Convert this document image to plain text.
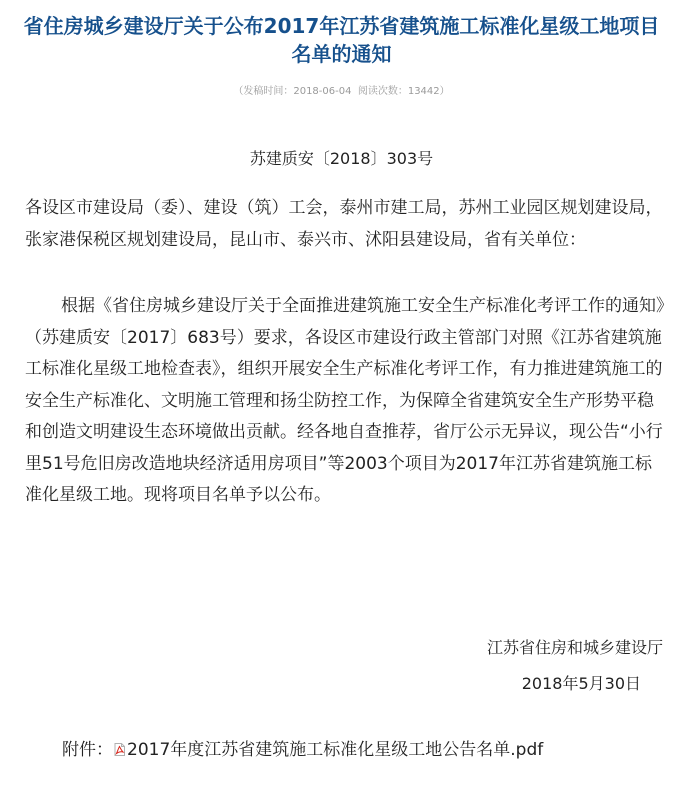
省住房城乡建设厅关于公布2017年江苏省建筑施工标准化星级工地项目名单的通知
（发稿时间：2018-06-04 阅读次数：13442）
苏建质安〔2018〕303号

各设区市建设局（委）、建设（筑）工会，泰州市建工局，苏州工业园区规划建设局，张家港保税区规划建设局，昆山市、泰兴市、沭阳县建设局，省有关单位：

根据《省住房城乡建设厅关于全面推进建筑施工安全生产标准化考评工作的通知》（苏建质安〔2017〕683号）要求，各设区市建设行政主管部门对照《江苏省建筑施工标准化星级工地检查表》，组织开展安全生产标准化考评工作，有力推进建筑施工的安全生产标准化、文明施工管理和扬尘防控工作，为保障全省建筑安全生产形势平稳和创造文明建设生态环境做出贡献。经各地自查推荐，省厅公示无异议，现公告“小行里51号危旧房改造地块经济适用房项目”等2003个项目为2017年江苏省建筑施工标准化星级工地。现将项目名单予以公布。

江苏省住房和城乡建设厅
2018年5月30日
附件： 2017年度江苏省建筑施工标准化星级工地公告名单.pdf
